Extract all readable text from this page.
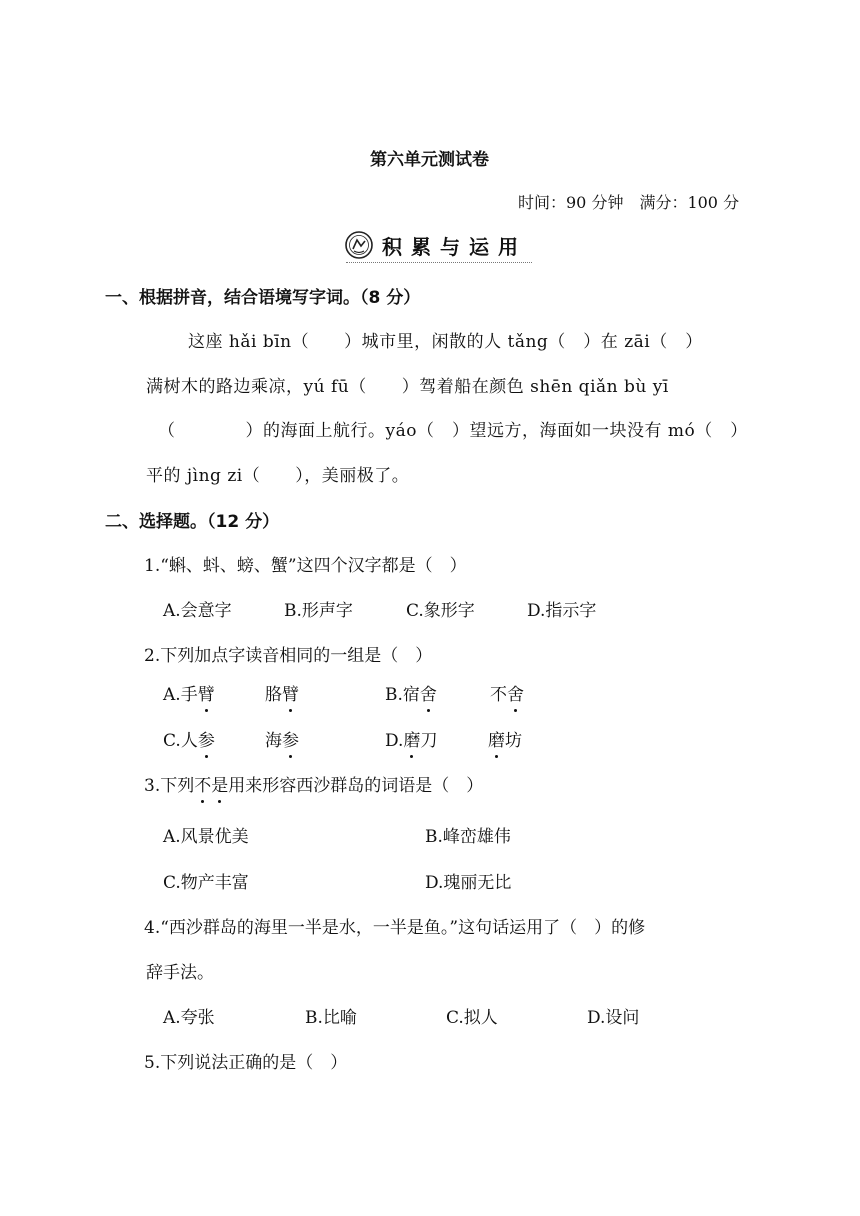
第六单元测试卷
时间：90 分钟　满分：100 分
积累与运用
一、根据拼音，结合语境写字词。（8 分）
这座 hǎi bīn（　　）城市里，闲散的人 tǎng（　）在 zāi（　）
满树木的路边乘凉，yú fū（　　）驾着船在颜色 shēn qiǎn bù yī
（　　　　）的海面上航行。yáo（　）望远方，海面如一块没有 mó（　）
平的 jìng zi（　　），美丽极了。
二、选择题。（12 分）
1.“蝌、蚪、螃、蟹”这四个汉字都是（　）
A.会意字	B.形声字	C.象形字	D.指示字
2.下列加点字读音相同的一组是（　）
A.手臂	胳臂	B.宿舍	不舍
C.人参	海参	D.磨刀	磨坊
3.下列不是用来形容西沙群岛的词语是（　）
A.风景优美	B.峰峦雄伟
C.物产丰富	D.瑰丽无比
4.“西沙群岛的海里一半是水，一半是鱼。”这句话运用了（　）的修
辞手法。
A.夸张	B.比喻	C.拟人	D.设问
5.下列说法正确的是（　）
